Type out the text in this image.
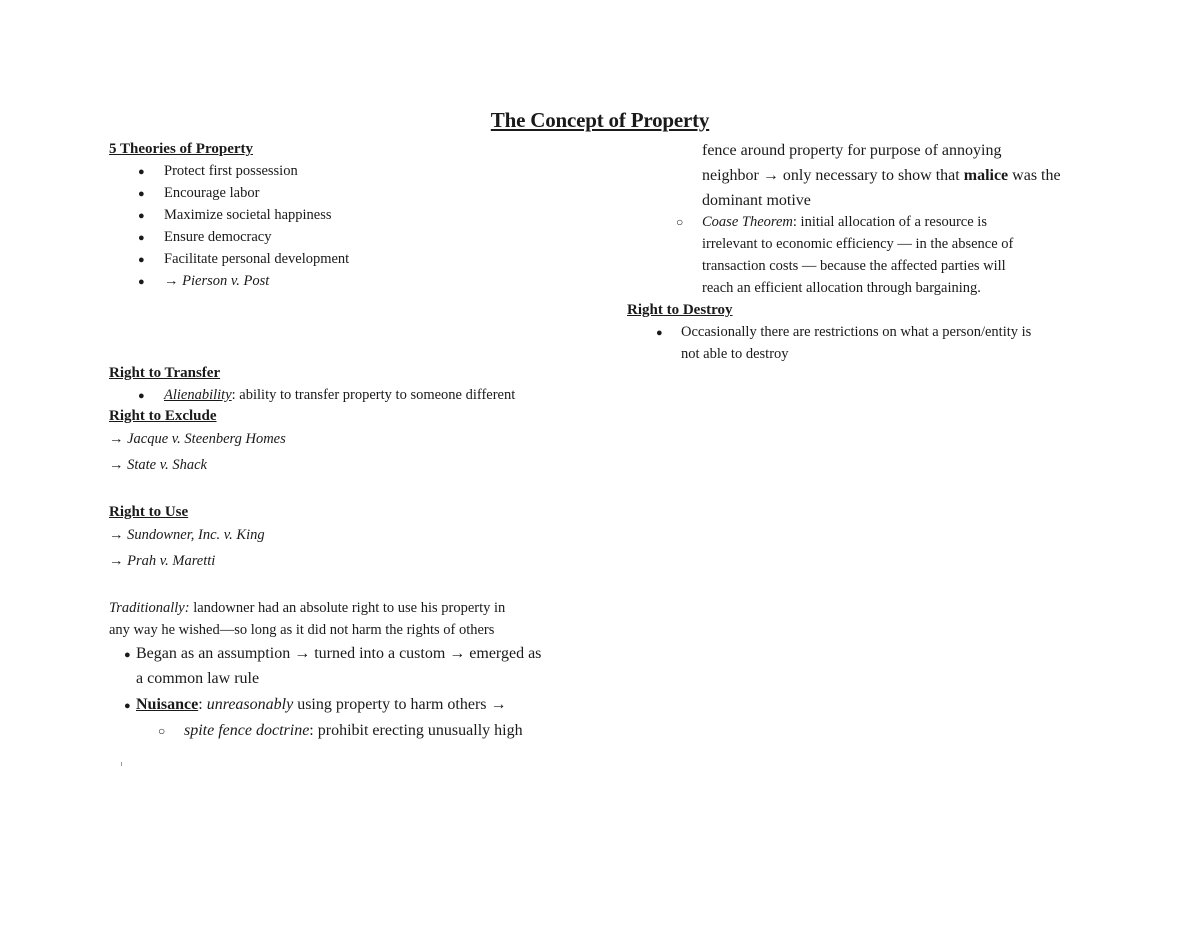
The Concept of Property
5 Theories of Property
● Protect first possession
● Encourage labor
● Maximize societal happiness
● Ensure democracy
● Facilitate personal development
● → Pierson v. Post
Right to Transfer
● Alienability: ability to transfer property to someone different
Right to Exclude
→ Jacque v. Steenberg Homes
→ State v. Shack
Right to Use
→ Sundowner, Inc. v. King
→ Prah v. Maretti
Traditionally: landowner had an absolute right to use his property in
any way he wished—so long as it did not harm the rights of others
● Began as an assumption → turned into a custom → emerged as
a common law rule
● Nuisance: unreasonably using property to harm others →
○ spite fence doctrine: prohibit erecting unusually high
fence around property for purpose of annoying
neighbor → only necessary to show that malice was the
dominant motive
○ Coase Theorem: initial allocation of a resource is
irrelevant to economic efficiency — in the absence of
transaction costs — because the affected parties will
reach an efficient allocation through bargaining.
Right to Destroy
● Occasionally there are restrictions on what a person/entity is
not able to destroy
